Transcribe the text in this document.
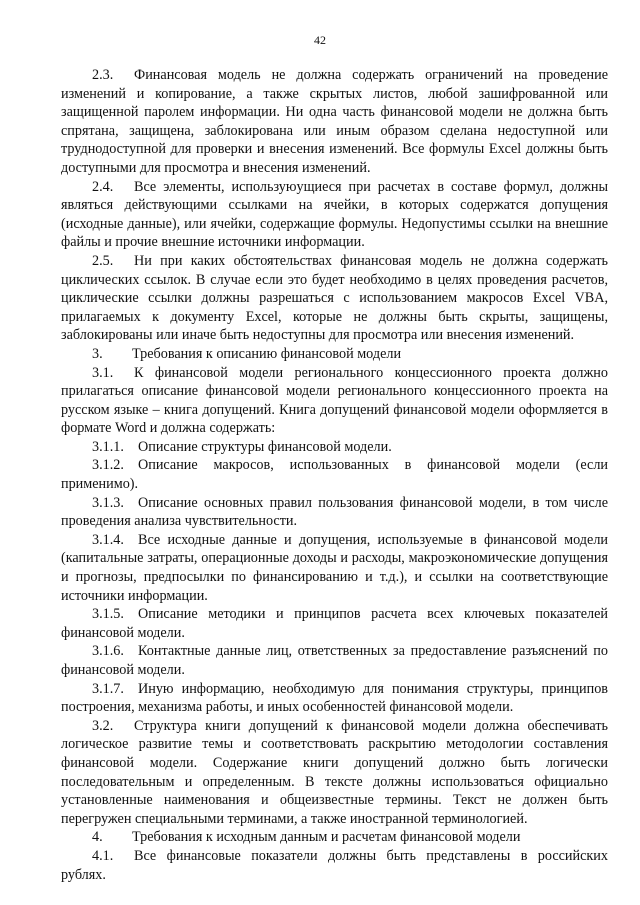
42

2.3. Финансовая модель не должна содержать ограничений на проведение изменений и копирование, а также скрытых листов, любой зашифрованной или защищенной паролем информации. Ни одна часть финансовой модели не должна быть спрятана, защищена, заблокирована или иным образом сделана недоступной или труднодоступной для проверки и внесения изменений. Все формулы Excel должны быть доступными для просмотра и внесения изменений.

2.4. Все элементы, используюущиеся при расчетах в составе формул, должны являться действующими ссылками на ячейки, в которых содержатся допущения (исходные данные), или ячейки, содержащие формулы. Недопустимы ссылки на внешние файлы и прочие внешние источники информации.

2.5. Ни при каких обстоятельствах финансовая модель не должна содержать циклических ссылок. В случае если это будет необходимо в целях проведения расчетов, циклические ссылки должны разрешаться с использованием макросов Excel VBA, прилагаемых к документу Excel, которые не должны быть скрыты, защищены, заблокированы или иначе быть недоступны для просмотра или внесения изменений.

3. Требования к описанию финансовой модели

3.1. К финансовой модели регионального концессионного проекта должно прилагаться описание финансовой модели регионального концессионного проекта на русском языке – книга допущений. Книга допущений финансовой модели оформляется в формате Word и должна содержать:

3.1.1. Описание структуры финансовой модели.

3.1.2. Описание макросов, использованных в финансовой модели (если применимо).

3.1.3. Описание основных правил пользования финансовой модели, в том числе проведения анализа чувствительности.

3.1.4. Все исходные данные и допущения, используемые в финансовой модели (капитальные затраты, операционные доходы и расходы, макроэкономические допущения и прогнозы, предпосылки по финансированию и т.д.), и ссылки на соответствующие источники информации.

3.1.5. Описание методики и принципов расчета всех ключевых показателей финансовой модели.

3.1.6. Контактные данные лиц, ответственных за предоставление разъяснений по финансовой модели.

3.1.7. Иную информацию, необходимую для понимания структуры, принципов построения, механизма работы, и иных особенностей финансовой модели.

3.2. Структура книги допущений к финансовой модели должна обеспечивать логическое развитие темы и соответствовать раскрытию методологии составления финансовой модели. Содержание книги допущений должно быть логически последовательным и определенным. В тексте должны использоваться официально установленные наименования и общеизвестные термины. Текст не должен быть перегружен специальными терминами, а также иностранной терминологией.

4. Требования к исходным данным и расчетам финансовой модели

4.1. Все финансовые показатели должны быть представлены в российских рублях.
